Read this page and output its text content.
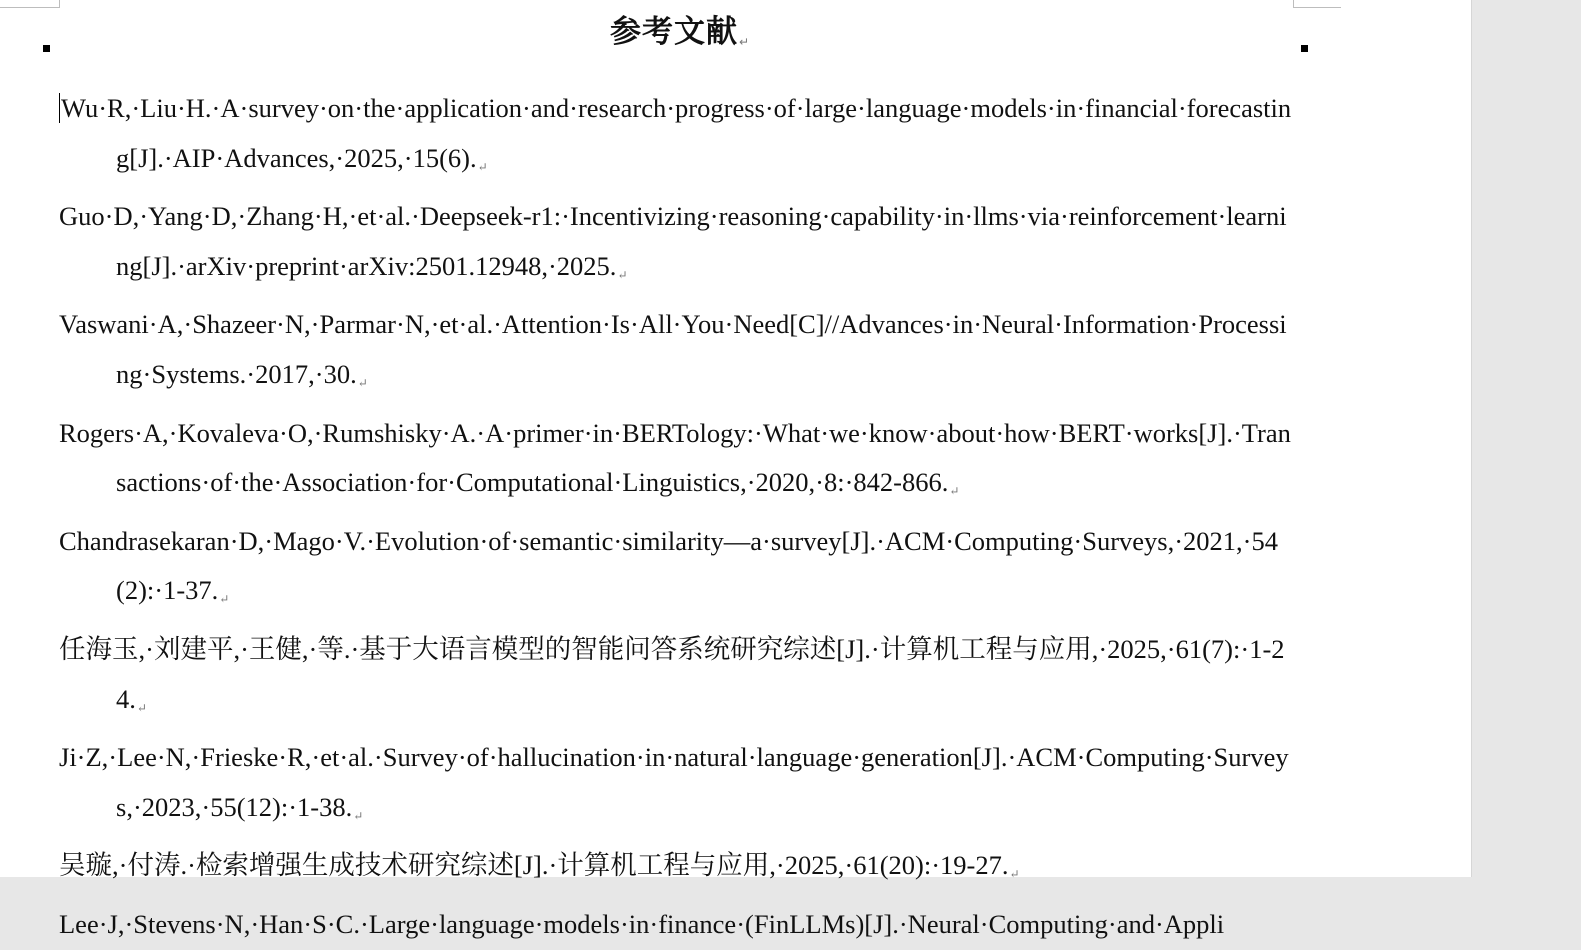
参考文献↵
Wu·R,·Liu·H.·A·survey·on·the·application·and·research·progress·of·large·language·models·in·financial·forecasting[J].·AIP·Advances,·2025,·15(6).↵
Guo·D,·Yang·D,·Zhang·H,·et·al.·Deepseek-r1:·Incentivizing·reasoning·capability·in·llms·via·reinforcement·learning[J].·arXiv·preprint·arXiv:2501.12948,·2025.↵
Vaswani·A,·Shazeer·N,·Parmar·N,·et·al.·Attention·Is·All·You·Need[C]//Advances·in·Neural·Information·Processing·Systems.·2017,·30.↵
Rogers·A,·Kovaleva·O,·Rumshisky·A.·A·primer·in·BERTology:·What·we·know·about·how·BERT·works[J].·Transactions·of·the·Association·for·Computational·Linguistics,·2020,·8:·842-866.↵
Chandrasekaran·D,·Mago·V.·Evolution·of·semantic·similarity—a·survey[J].·ACM·Computing·Surveys,·2021,·54(2):·1-37.↵
任海玉,·刘建平,·王健,·等.·基于大语言模型的智能问答系统研究综述[J].·计算机工程与应用,·2025,·61(7):·1-24.↵
Ji·Z,·Lee·N,·Frieske·R,·et·al.·Survey·of·hallucination·in·natural·language·generation[J].·ACM·Computing·Surveys,·2023,·55(12):·1-38.↵
吴璇,·付涛.·检索增强生成技术研究综述[J].·计算机工程与应用,·2025,·61(20):·19-27.↵
Lee·J,·Stevens·N,·Han·S·C.·Large·language·models·in·finance·(FinLLMs)[J].·Neural·Computing·and·Appli
